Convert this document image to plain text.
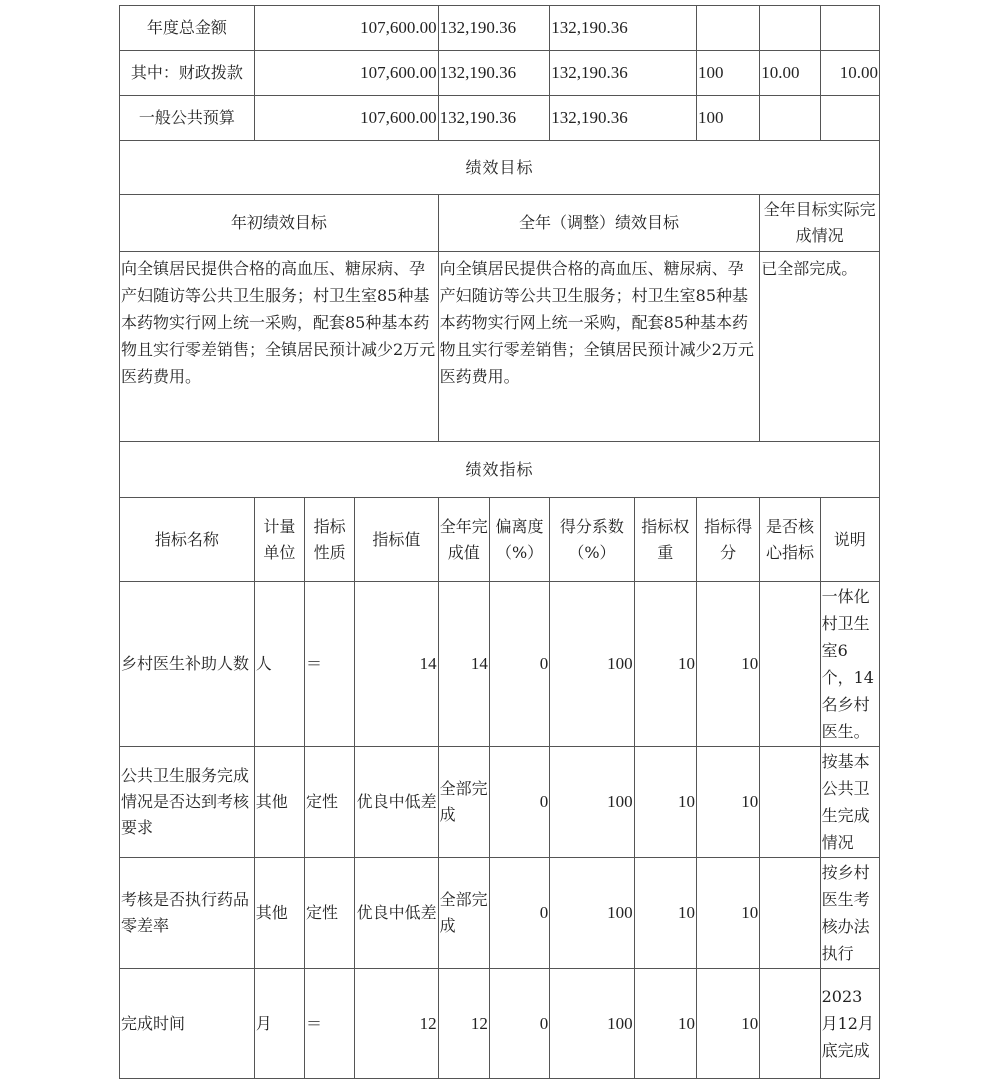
年度总金额	107,600.00			132,190.36		132,190.36				
其中：财政拨款	107,600.00			132,190.36		132,190.36		100	10.00	10.00
一般公共预算	107,600.00			132,190.36		132,190.36		100		
绩效目标										
年初绩效目标				全年（调整）绩效目标					全年目标实际完成情况	
向全镇居民提供合格的高血压、糖尿病、孕产妇随访等公共卫生服务；村卫生室85种基本药物实行网上统一采购，配套85种基本药物且实行零差销售；全镇居民预计减少2万元医药费用。				向全镇居民提供合格的高血压、糖尿病、孕产妇随访等公共卫生服务；村卫生室85种基本药物实行网上统一采购，配套85种基本药物且实行零差销售；全镇居民预计减少2万元医药费用。					已全部完成。	
绩效指标										
指标名称	计量单位	指标性质	指标值	全年完成值	偏离度（%）	得分系数（%）	指标权重	指标得分	是否核心指标	说明
乡村医生补助人数	人	＝	14	14	0	100	10	10		一体化村卫生室6个，14名乡村医生。
公共卫生服务完成情况是否达到考核要求	其他	定性	优良中低差	全部完成	0	100	10	10		按基本公共卫生完成情况
考核是否执行药品零差率	其他	定性	优良中低差	全部完成	0	100	10	10		按乡村医生考核办法执行
完成时间	月	＝	12	12	0	100	10	10		2023月12月底完成
